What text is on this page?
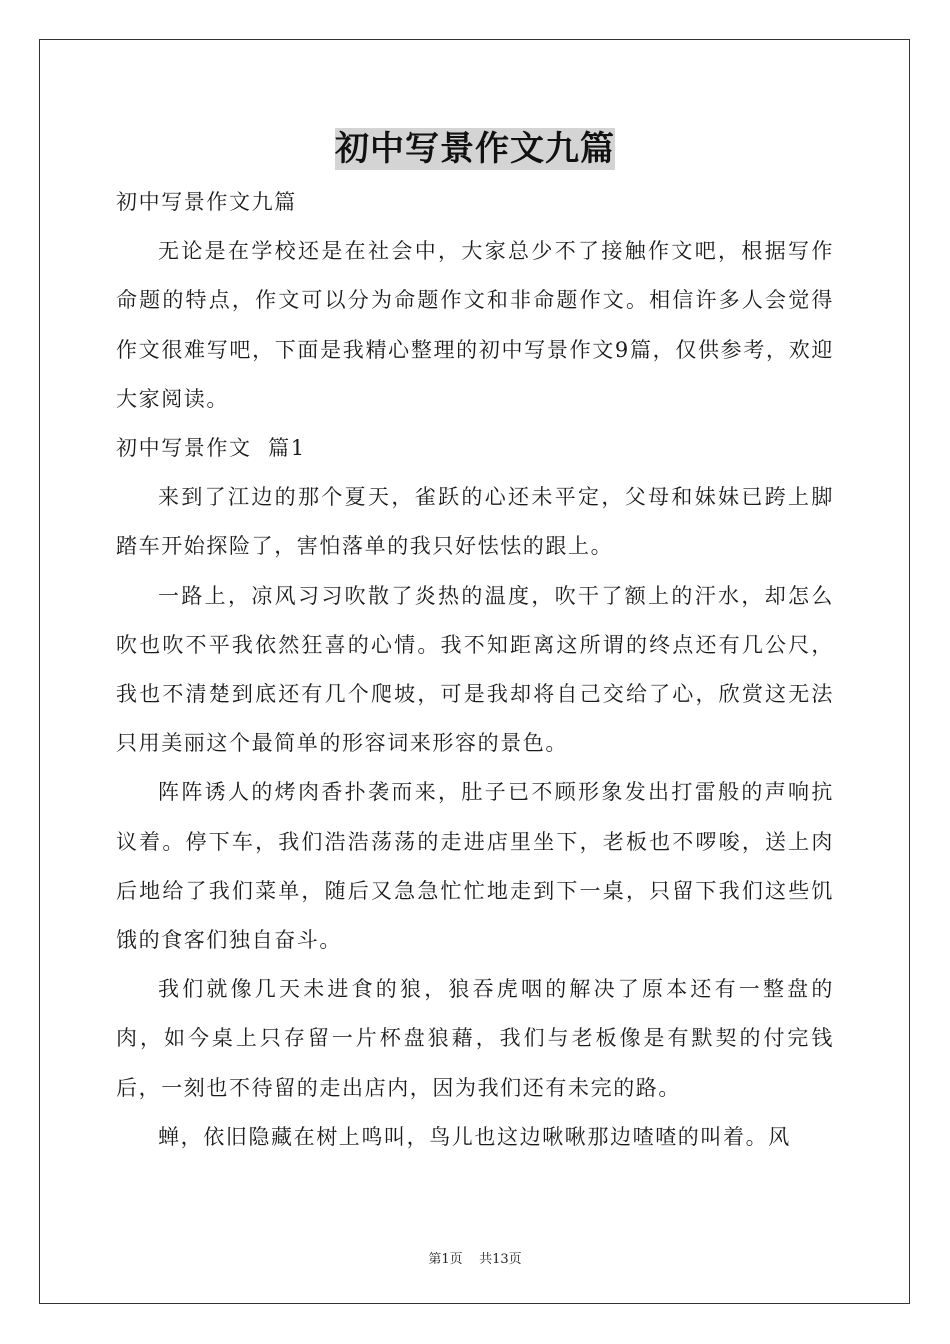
初中写景作文九篇

初中写景作文九篇

无论是在学校还是在社会中，大家总少不了接触作文吧，根据写作命题的特点，作文可以分为命题作文和非命题作文。相信许多人会觉得作文很难写吧，下面是我精心整理的初中写景作文9篇，仅供参考，欢迎大家阅读。

初中写景作文  篇1

来到了江边的那个夏天，雀跃的心还未平定，父母和妹妹已跨上脚踏车开始探险了，害怕落单的我只好怯怯的跟上。

一路上，凉风习习吹散了炎热的温度，吹干了额上的汗水，却怎么吹也吹不平我依然狂喜的心情。我不知距离这所谓的终点还有几公尺，我也不清楚到底还有几个爬坡，可是我却将自己交给了心，欣赏这无法只用美丽这个最简单的形容词来形容的景色。

阵阵诱人的烤肉香扑袭而来，肚子已不顾形象发出打雷般的声响抗议着。停下车，我们浩浩荡荡的走进店里坐下，老板也不啰唆，送上肉后地给了我们菜单，随后又急急忙忙地走到下一桌，只留下我们这些饥饿的食客们独自奋斗。

我们就像几天未进食的狼，狼吞虎咽的解决了原本还有一整盘的肉，如今桌上只存留一片杯盘狼藉，我们与老板像是有默契的付完钱后，一刻也不待留的走出店内，因为我们还有未完的路。

蝉，依旧隐藏在树上鸣叫，鸟儿也这边啾啾那边喳喳的叫着。风

第1页    共13页
